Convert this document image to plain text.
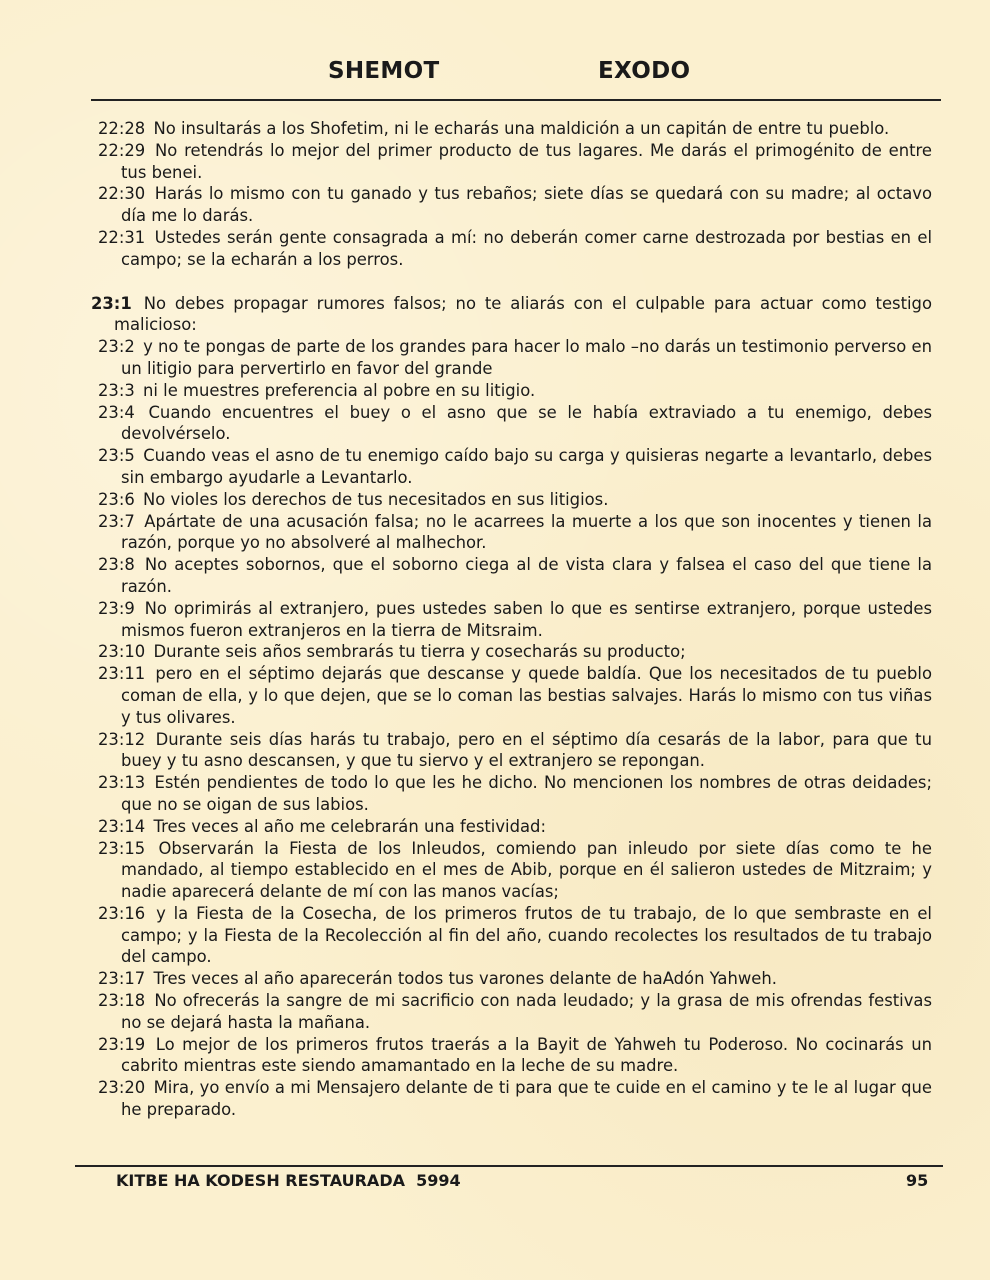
SHEMOT	EXODO

22:28 No insultarás a los Shofetim, ni le echarás una maldición a un capitán de entre tu pueblo.

22:29 No retendrás lo mejor del primer producto de tus lagares. Me darás el primogénito de entre tus benei.

22:30 Harás lo mismo con tu ganado y tus rebaños; siete días se quedará con su madre; al octavo día me lo darás.

22:31 Ustedes serán gente consagrada a mí: no deberán comer carne destrozada por bestias en el campo; se la echarán a los perros.

23:1 No debes propagar rumores falsos; no te aliarás con el culpable para actuar como testigo malicioso:

23:2 y no te pongas de parte de los grandes para hacer lo malo –no darás un testimonio perverso en un litigio para pervertirlo en favor del grande

23:3 ni le muestres preferencia al pobre en su litigio.

23:4 Cuando encuentres el buey o el asno que se le había extraviado a tu enemigo, debes devolvérselo.

23:5 Cuando veas el asno de tu enemigo caído bajo su carga y quisieras negarte a levantarlo, debes sin embargo ayudarle a Levantarlo.

23:6 No violes los derechos de tus necesitados en sus litigios.

23:7 Apártate de una acusación falsa; no le acarrees la muerte a los que son inocentes y tienen la razón, porque yo no absolveré al malhechor.

23:8 No aceptes sobornos, que el soborno ciega al de vista clara y falsea el caso del que tiene la razón.

23:9 No oprimirás al extranjero, pues ustedes saben lo que es sentirse extranjero, porque ustedes mismos fueron extranjeros en la tierra de Mitsraim.

23:10 Durante seis años sembrarás tu tierra y cosecharás su producto;

23:11 pero en el séptimo dejarás que descanse y quede baldía. Que los necesitados de tu pueblo coman de ella, y lo que dejen, que se lo coman las bestias salvajes. Harás lo mismo con tus viñas y tus olivares.

23:12 Durante seis días harás tu trabajo, pero en el séptimo día cesarás de la labor, para que tu buey y tu asno descansen, y que tu siervo y el extranjero se repongan.

23:13 Estén pendientes de todo lo que les he dicho. No mencionen los nombres de otras deidades; que no se oigan de sus labios.

23:14 Tres veces al año me celebrarán una festividad:

23:15 Observarán la Fiesta de los Inleudos, comiendo pan inleudo por siete días como te he mandado, al tiempo establecido en el mes de Abib, porque en él salieron ustedes de Mitzraim; y nadie aparecerá delante de mí con las manos vacías;

23:16 y la Fiesta de la Cosecha, de los primeros frutos de tu trabajo, de lo que sembraste en el campo; y la Fiesta de la Recolección al fin del año, cuando recolectes los resultados de tu trabajo del campo.

23:17 Tres veces al año aparecerán todos tus varones delante de haAdón Yahweh.

23:18 No ofrecerás la sangre de mi sacrificio con nada leudado; y la grasa de mis ofrendas festivas no se dejará hasta la mañana.

23:19 Lo mejor de los primeros frutos traerás a la Bayit de Yahweh tu Poderoso. No cocinarás un cabrito mientras este siendo amamantado en la leche de su madre.

23:20 Mira, yo envío a mi Mensajero delante de ti para que te cuide en el camino y te le al lugar que he preparado.

KITBE HA KODESH RESTAURADA  5994	95
